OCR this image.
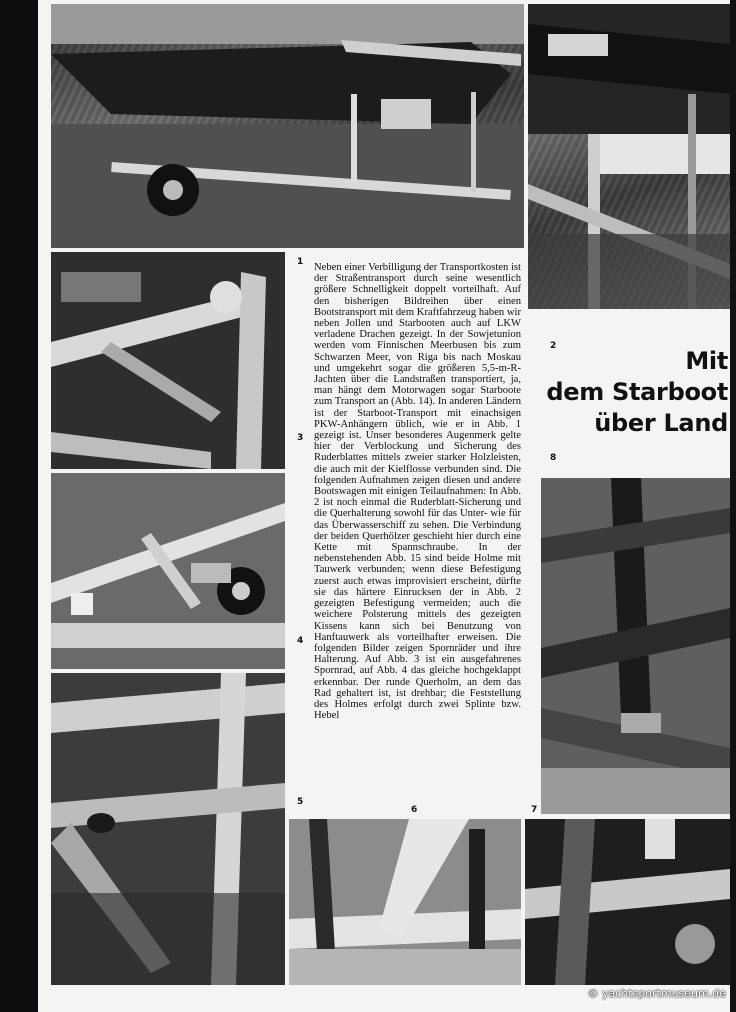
1

2

3

4

5

6	7

8

Mit
dem Starboot
über Land

Neben einer Verbilligung der Transportkosten ist der Straßentransport durch seine wesentlich größere Schnelligkeit doppelt vorteilhaft. Auf den bisherigen Bildreihen über einen Bootstransport mit dem Kraftfahrzeug haben wir neben Jollen und Starbooten auch auf LKW verladene Drachen gezeigt. In der Sowjetunion werden vom Finnischen Meerbusen bis zum Schwarzen Meer, von Riga bis nach Moskau und umgekehrt sogar die größeren 5,5-m-R-Jachten über die Landstraßen transportiert, ja, man hängt dem Motorwagen sogar Starboote zum Transport an (Abb. 14). In anderen Ländern ist der Starboot-Transport mit einachsigen PKW-Anhängern üblich, wie er in Abb. 1 gezeigt ist. Unser besonderes Augenmerk gelte hier der Verblockung und Sicherung des Ruderblattes mittels zweier starker Holzleisten, die auch mit der Kielflosse verbunden sind. Die folgenden Aufnahmen zeigen diesen und andere Bootswagen mit einigen Teilaufnahmen: In Abb. 2 ist noch einmal die Ruderblatt-Sicherung und die Querhalterung sowohl für das Unter- wie für das Überwasserschiff zu sehen. Die Verbindung der beiden Querhölzer geschieht hier durch eine Kette mit Spannschraube. In der nebenstehenden Abb. 15 sind beide Holme mit Tauwerk verbunden; wenn diese Befestigung zuerst auch etwas improvisiert erscheint, dürfte sie das härtere Einrucksen der in Abb. 2 gezeigten Befestigung vermeiden; auch die weichere Polsterung mittels des gezeigten Kissens kann sich bei Benutzung von Hanftauwerk als vorteilhafter erweisen. Die folgenden Bilder zeigen Spornräder und ihre Halterung. Auf Abb. 3 ist ein ausgefahrenes Spornrad, auf Abb. 4 das gleiche hochgeklappt erkennbar. Der runde Querholm, an dem das Rad gehaltert ist, ist drehbar; die Feststellung des Holmes erfolgt durch zwei Splinte bzw. Hebel

© yachtsportmuseum.de
